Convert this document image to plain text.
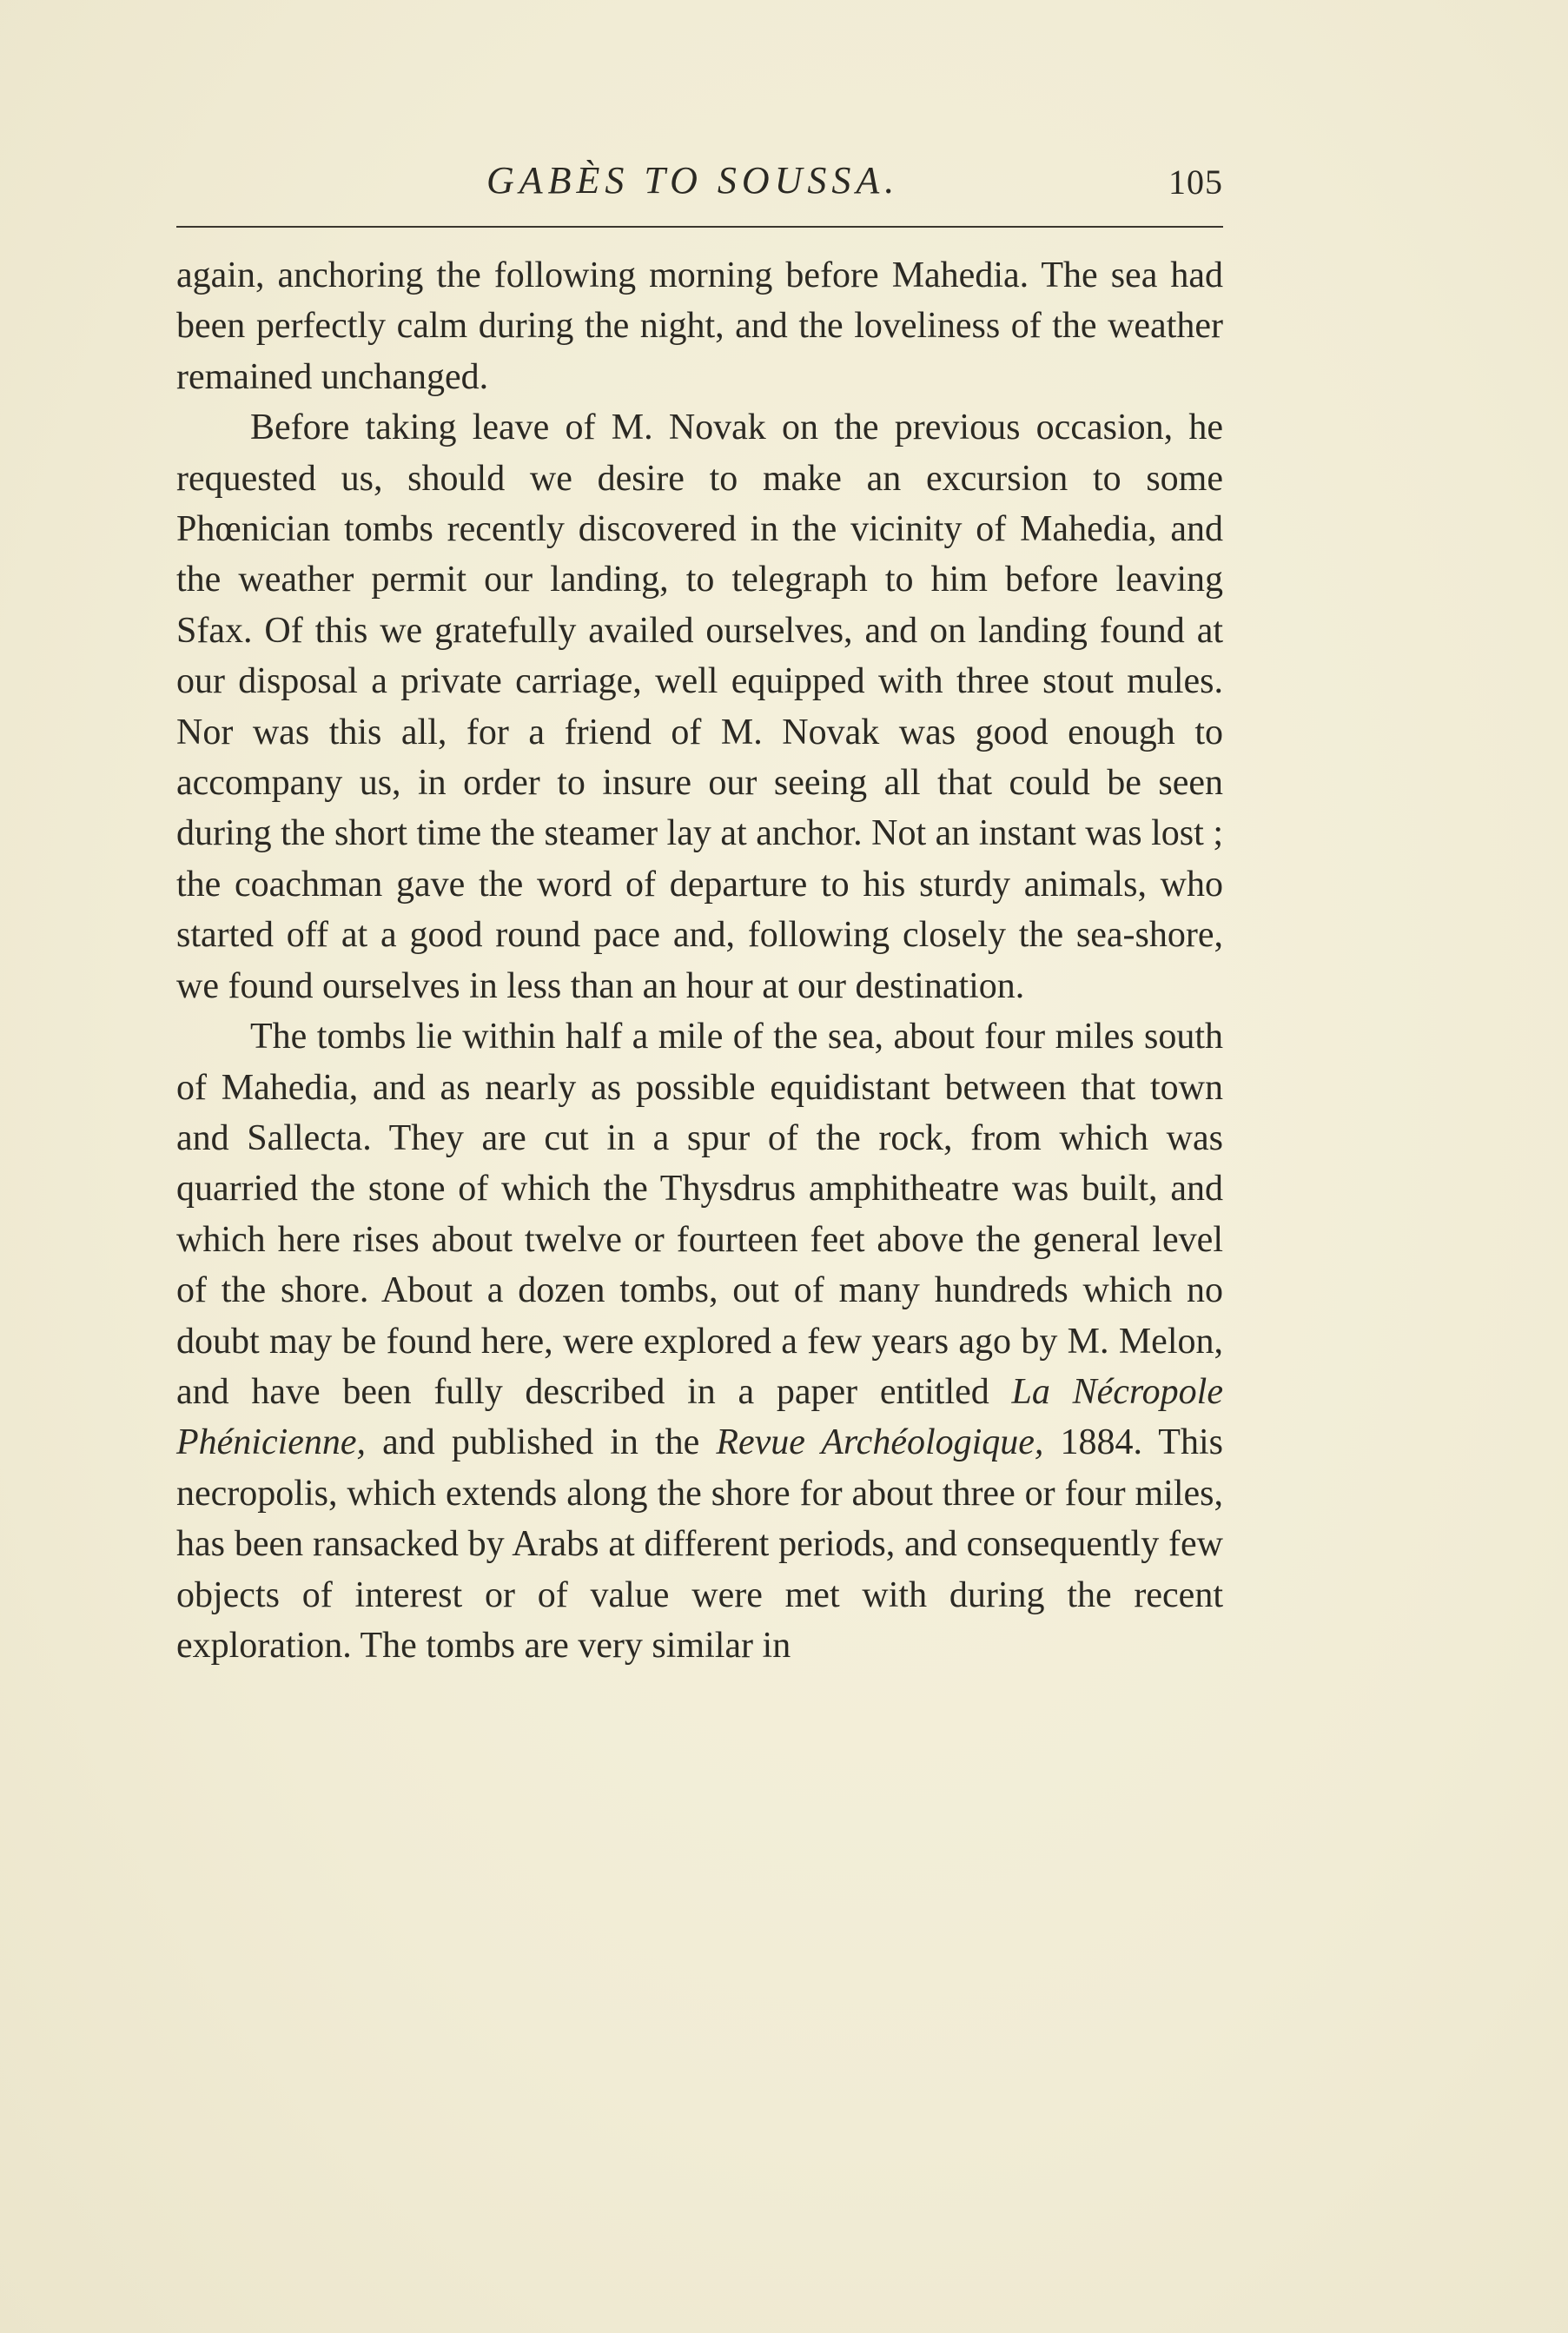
GABÈS TO SOUSSA.	105

again, anchoring the following morning before Mahedia. The sea had been perfectly calm during the night, and the loveliness of the weather remained unchanged.

Before taking leave of M. Novak on the previous occasion, he requested us, should we desire to make an excursion to some Phœnician tombs recently discovered in the vicinity of Mahedia, and the weather permit our landing, to telegraph to him before leaving Sfax. Of this we gratefully availed ourselves, and on landing found at our disposal a private carriage, well equipped with three stout mules. Nor was this all, for a friend of M. Novak was good enough to accompany us, in order to insure our seeing all that could be seen during the short time the steamer lay at anchor. Not an instant was lost ; the coachman gave the word of departure to his sturdy animals, who started off at a good round pace and, following closely the sea-shore, we found ourselves in less than an hour at our destination.

The tombs lie within half a mile of the sea, about four miles south of Mahedia, and as nearly as possible equidistant between that town and Sallecta. They are cut in a spur of the rock, from which was quarried the stone of which the Thysdrus amphitheatre was built, and which here rises about twelve or fourteen feet above the general level of the shore. About a dozen tombs, out of many hundreds which no doubt may be found here, were explored a few years ago by M. Melon, and have been fully described in a paper entitled La Nécropole Phénicienne, and published in the Revue Archéologique, 1884. This necropolis, which extends along the shore for about three or four miles, has been ransacked by Arabs at different periods, and consequently few objects of interest or of value were met with during the recent exploration. The tombs are very similar in
